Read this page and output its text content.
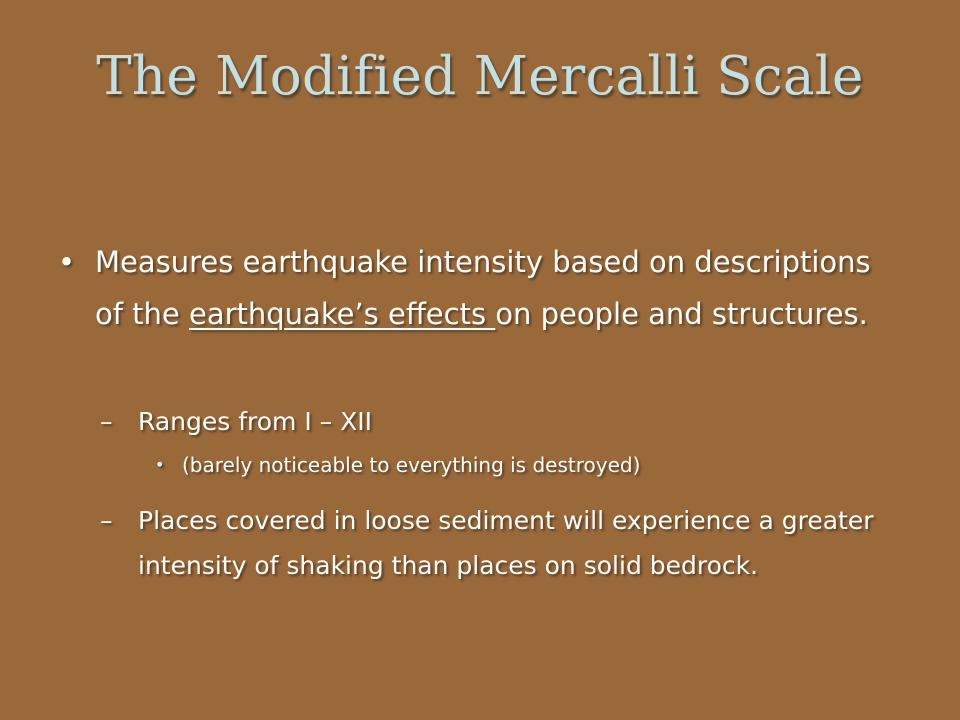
The Modified Mercalli Scale
• Measures earthquake intensity based on descriptions of the earthquake’s effects on people and structures.
– Ranges from I – XII
• (barely noticeable to everything is destroyed)
– Places covered in loose sediment will experience a greater intensity of shaking than places on solid bedrock.
